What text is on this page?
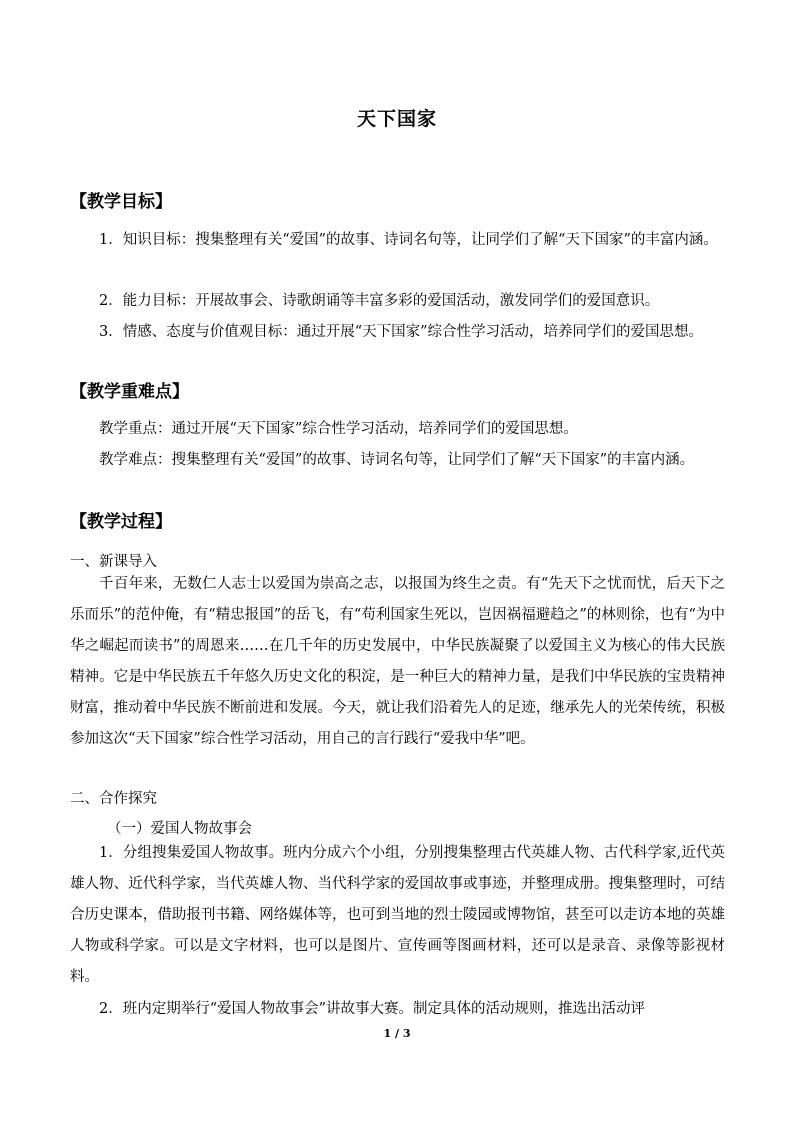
天下国家
【教学目标】
1．知识目标：搜集整理有关“爱国”的故事、诗词名句等，让同学们了解“天下国家”的丰富内涵。
2．能力目标：开展故事会、诗歌朗诵等丰富多彩的爱国活动，激发同学们的爱国意识。
3．情感、态度与价值观目标：通过开展“天下国家”综合性学习活动，培养同学们的爱国思想。
【教学重难点】
教学重点：通过开展“天下国家”综合性学习活动，培养同学们的爱国思想。
教学难点：搜集整理有关“爱国”的故事、诗词名句等，让同学们了解“天下国家”的丰富内涵。
【教学过程】
一、新课导入
千百年来，无数仁人志士以爱国为崇高之志，以报国为终生之责。有“先天下之忧而忧，后天下之乐而乐”的范仲俺，有“精忠报国”的岳飞，有“苟利国家生死以，岂因祸福避趋之”的林则徐，也有“为中华之崛起而读书”的周恩来……在几千年的历史发展中，中华民族凝聚了以爱国主义为核心的伟大民族精神。它是中华民族五千年悠久历史文化的积淀，是一种巨大的精神力量，是我们中华民族的宝贵精神财富，推动着中华民族不断前进和发展。今天，就让我们沿着先人的足迹，继承先人的光荣传统，积极参加这次“天下国家”综合性学习活动，用自己的言行践行“爱我中华”吧。
二、合作探究
（一）爱国人物故事会
1．分组搜集爱国人物故事。班内分成六个小组，分别搜集整理古代英雄人物、古代科学家,近代英雄人物、近代科学家，当代英雄人物、当代科学家的爱国故事或事迹，并整理成册。搜集整理时，可结合历史课本，借助报刊书籍、网络媒体等，也可到当地的烈士陵园或博物馆，甚至可以走访本地的英雄人物或科学家。可以是文字材料，也可以是图片、宣传画等图画材料，还可以是录音、录像等影视材料。
2．班内定期举行“爱国人物故事会”讲故事大赛。制定具体的活动规则，推选出活动评
1 / 3
